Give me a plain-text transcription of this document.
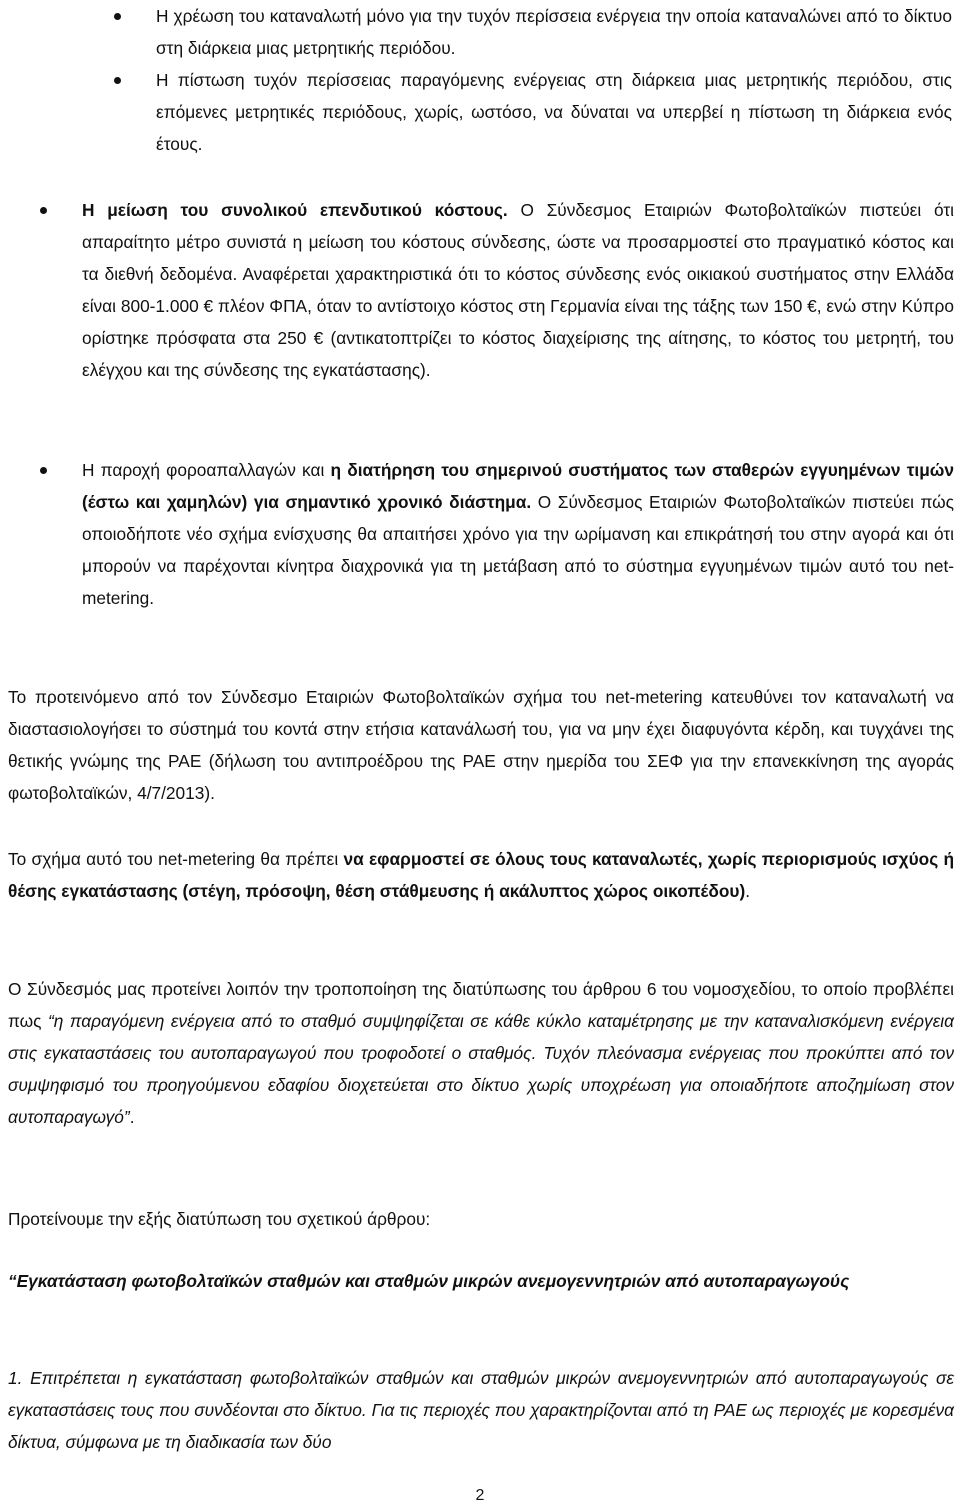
Η χρέωση του καταναλωτή μόνο για την τυχόν περίσσεια ενέργεια την οποία καταναλώνει από το δίκτυο στη διάρκεια μιας μετρητικής περιόδου.
Η πίστωση τυχόν περίσσειας παραγόμενης ενέργειας στη διάρκεια μιας μετρητικής περιόδου, στις επόμενες μετρητικές περιόδους, χωρίς, ωστόσο, να δύναται να υπερβεί η πίστωση τη διάρκεια ενός έτους.
Η μείωση του συνολικού επενδυτικού κόστους. Ο Σύνδεσμος Εταιριών Φωτοβολταϊκών πιστεύει ότι απαραίτητο μέτρο συνιστά η μείωση του κόστους σύνδεσης, ώστε να προσαρμοστεί στο πραγματικό κόστος και τα διεθνή δεδομένα. Αναφέρεται χαρακτηριστικά ότι το κόστος σύνδεσης ενός οικιακού συστήματος στην Ελλάδα είναι 800-1.000 € πλέον ΦΠΑ, όταν το αντίστοιχο κόστος στη Γερμανία είναι της τάξης των 150 €, ενώ στην Κύπρο ορίστηκε πρόσφατα στα 250 € (αντικατοπτρίζει το κόστος διαχείρισης της αίτησης, το κόστος του μετρητή, του ελέγχου και της σύνδεσης της εγκατάστασης).
Η παροχή φοροαπαλλαγών και η διατήρηση του σημερινού συστήματος των σταθερών εγγυημένων τιμών (έστω και χαμηλών) για σημαντικό χρονικό διάστημα. Ο Σύνδεσμος Εταιριών Φωτοβολταϊκών πιστεύει πώς οποιοδήποτε νέο σχήμα ενίσχυσης θα απαιτήσει χρόνο για την ωρίμανση και επικράτησή του στην αγορά και ότι μπορούν να παρέχονται κίνητρα διαχρονικά για τη μετάβαση από το σύστημα εγγυημένων τιμών αυτό του net-metering.

Το προτεινόμενο από τον Σύνδεσμο Εταιριών Φωτοβολταϊκών σχήμα του net-metering κατευθύνει τον καταναλωτή να διαστασιολογήσει το σύστημά του κοντά στην ετήσια κατανάλωσή του, για να μην έχει διαφυγόντα κέρδη, και τυγχάνει της θετικής γνώμης της ΡΑΕ (δήλωση του αντιπροέδρου της ΡΑΕ στην ημερίδα του ΣΕΦ για την επανεκκίνηση της αγοράς φωτοβολταϊκών, 4/7/2013).

Το σχήμα αυτό του net-metering θα πρέπει να εφαρμοστεί σε όλους τους καταναλωτές, χωρίς περιορισμούς ισχύος ή θέσης εγκατάστασης (στέγη, πρόσοψη, θέση στάθμευσης ή ακάλυπτος χώρος οικοπέδου).

Ο Σύνδεσμός μας προτείνει λοιπόν την τροποποίηση της διατύπωσης του άρθρου 6 του νομοσχεδίου, το οποίο προβλέπει πως “η παραγόμενη ενέργεια από το σταθμό συμψηφίζεται σε κάθε κύκλο καταμέτρησης με την καταναλισκόμενη ενέργεια στις εγκαταστάσεις του αυτοπαραγωγού που τροφοδοτεί ο σταθμός. Τυχόν πλεόνασμα ενέργειας που προκύπτει από τον συμψηφισμό του προηγούμενου εδαφίου διοχετεύεται στο δίκτυο χωρίς υποχρέωση για οποιαδήποτε αποζημίωση στον αυτοπαραγωγό”.

Προτείνουμε την εξής διατύπωση του σχετικού άρθρου:

“Εγκατάσταση φωτοβολταϊκών σταθμών και σταθμών μικρών ανεμογεννητριών από αυτοπαραγωγούς

1. Επιτρέπεται η εγκατάσταση φωτοβολταϊκών σταθμών και σταθμών μικρών ανεμογεννητριών από αυτοπαραγωγούς σε εγκαταστάσεις τους που συνδέονται στο δίκτυο. Για τις περιοχές που χαρακτηρίζονται από τη ΡΑΕ ως περιοχές με κορεσμένα δίκτυα, σύμφωνα με τη διαδικασία των δύο

2
